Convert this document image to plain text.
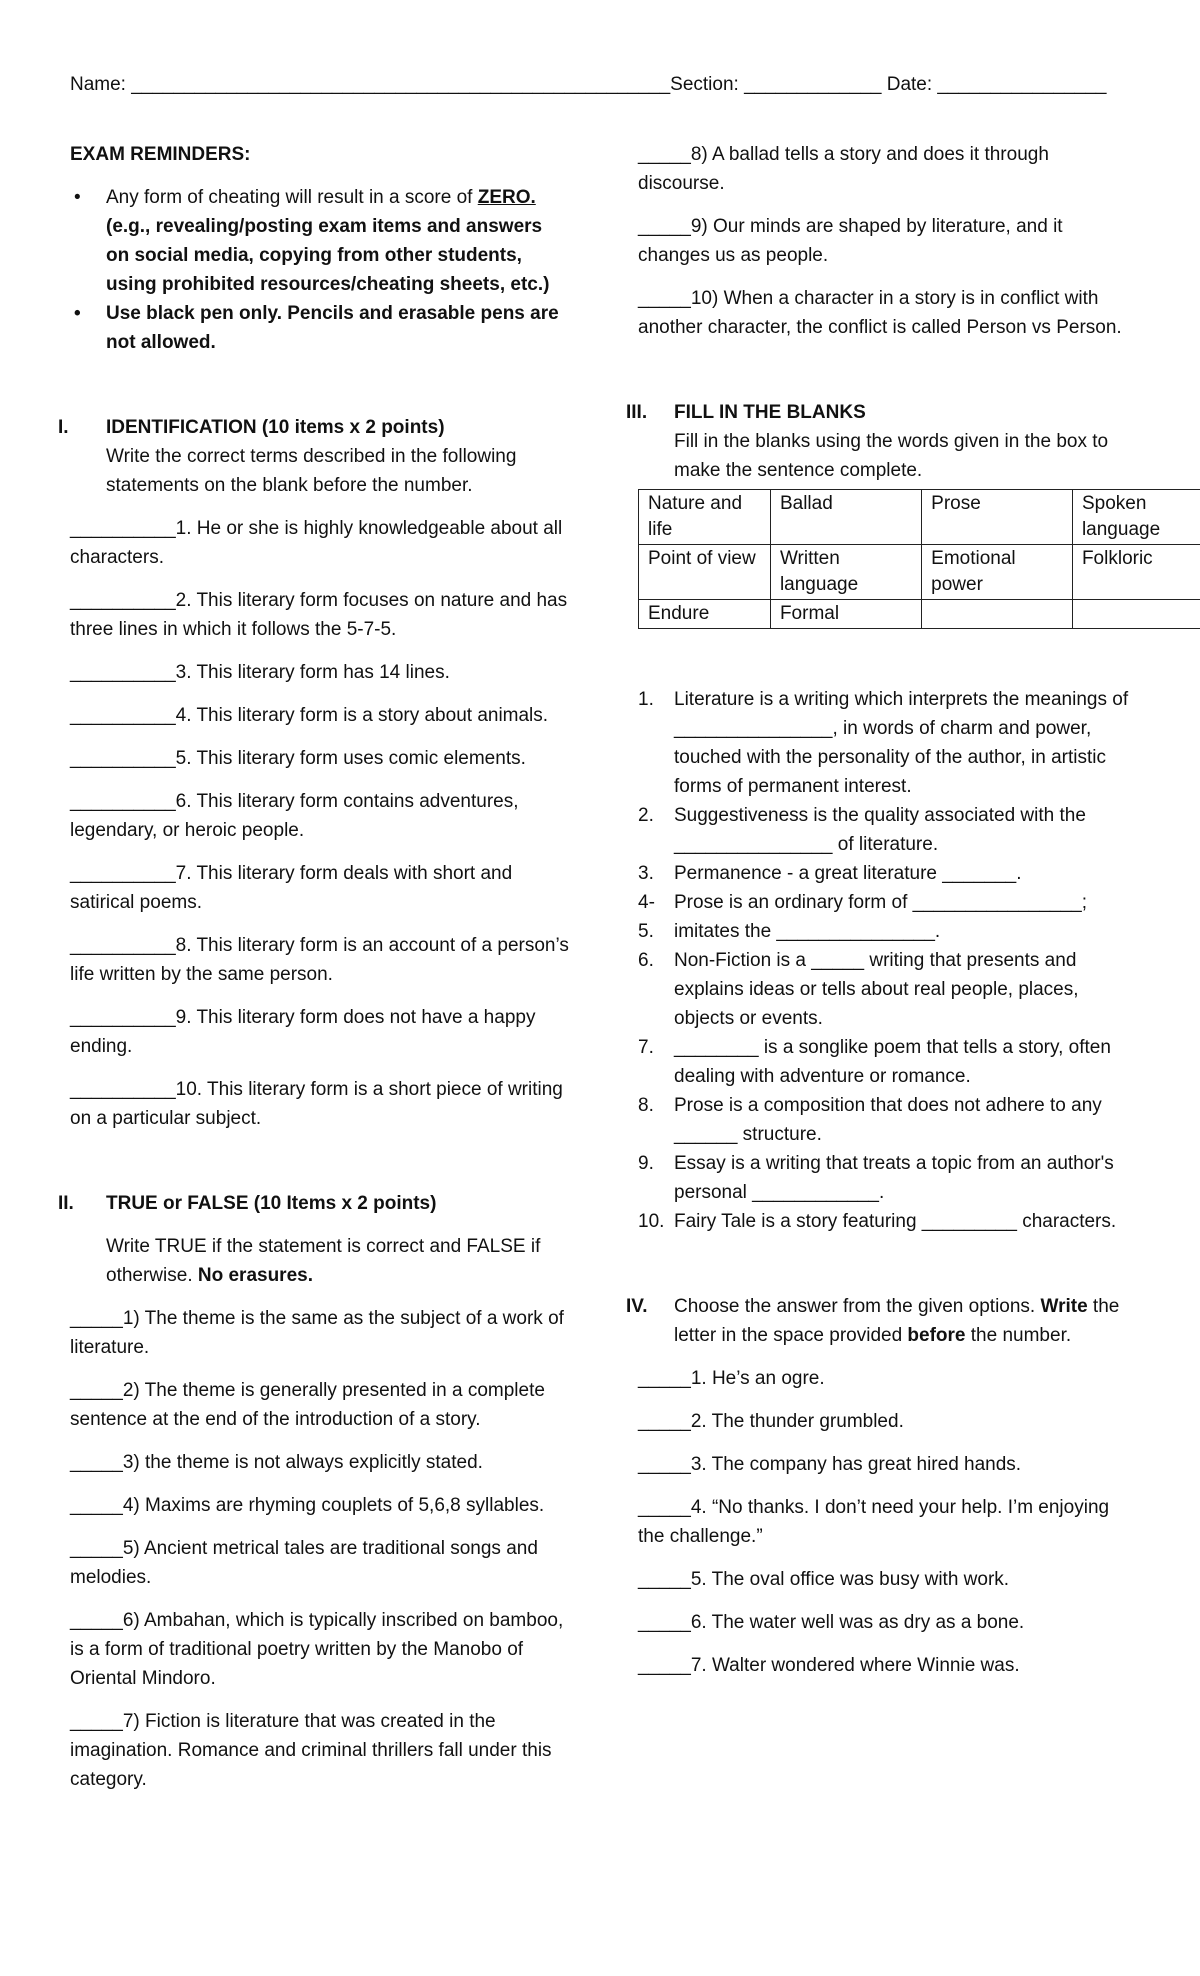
Name: ___________________________________________________Section: _____________ Date: ________________
EXAM REMINDERS:
• Any form of cheating will result in a score of ZERO. (e.g., revealing/posting exam items and answers on social media, copying from other students, using prohibited resources/cheating sheets, etc.)
• Use black pen only. Pencils and erasable pens are not allowed.
I. IDENTIFICATION (10 items x 2 points)
Write the correct terms described in the following statements on the blank before the number.
__________1. He or she is highly knowledgeable about all characters.
__________2. This literary form focuses on nature and has three lines in which it follows the 5-7-5.
__________3. This literary form has 14 lines.
__________4. This literary form is a story about animals.
__________5. This literary form uses comic elements.
__________6. This literary form contains adventures, legendary, or heroic people.
__________7. This literary form deals with short and satirical poems.
__________8. This literary form is an account of a person’s life written by the same person.
__________9. This literary form does not have a happy ending.
__________10. This literary form is a short piece of writing on a particular subject.
II. TRUE or FALSE (10 Items x 2 points)
Write TRUE if the statement is correct and FALSE if otherwise. No erasures.
_____1) The theme is the same as the subject of a work of literature.
_____2) The theme is generally presented in a complete sentence at the end of the introduction of a story.
_____3) the theme is not always explicitly stated.
_____4) Maxims are rhyming couplets of 5,6,8 syllables.
_____5) Ancient metrical tales are traditional songs and melodies.
_____6) Ambahan, which is typically inscribed on bamboo, is a form of traditional poetry written by the Manobo of Oriental Mindoro.
_____7) Fiction is literature that was created in the imagination. Romance and criminal thrillers fall under this category.
_____8) A ballad tells a story and does it through discourse.
_____9) Our minds are shaped by literature, and it changes us as people.
_____10) When a character in a story is in conflict with another character, the conflict is called Person vs Person.
III. FILL IN THE BLANKS
Fill in the blanks using the words given in the box to make the sentence complete.
Nature and life	Ballad	Prose	Spoken language
Point of view	Written language	Emotional power	Folkloric
Endure	Formal		
1.	Literature is a writing which interprets the meanings of _______________, in words of charm and power, touched with the personality of the author, in artistic forms of permanent interest.
2.	Suggestiveness is the quality associated with the _______________ of literature.
3.	Permanence - a great literature _______.
4-5.
Prose is an ordinary form of ________________; imitates the _______________.
6.	Non-Fiction is a _____ writing that presents and explains ideas or tells about real people, places, objects or events.
7.	________ is a songlike poem that tells a story, often dealing with adventure or romance.
8.	Prose is a composition that does not adhere to any ______ structure.
9.	Essay is a writing that treats a topic from an author's personal ____________.
10. Fairy Tale is a story featuring _________ characters.
IV. Choose the answer from the given options. Write the letter in the space provided before the number.
_____1. He’s an ogre.
_____2. The thunder grumbled.
_____3. The company has great hired hands.
_____4. “No thanks. I don’t need your help. I’m enjoying the challenge.”
_____5. The oval office was busy with work.
_____6. The water well was as dry as a bone.
_____7. Walter wondered where Winnie was.
